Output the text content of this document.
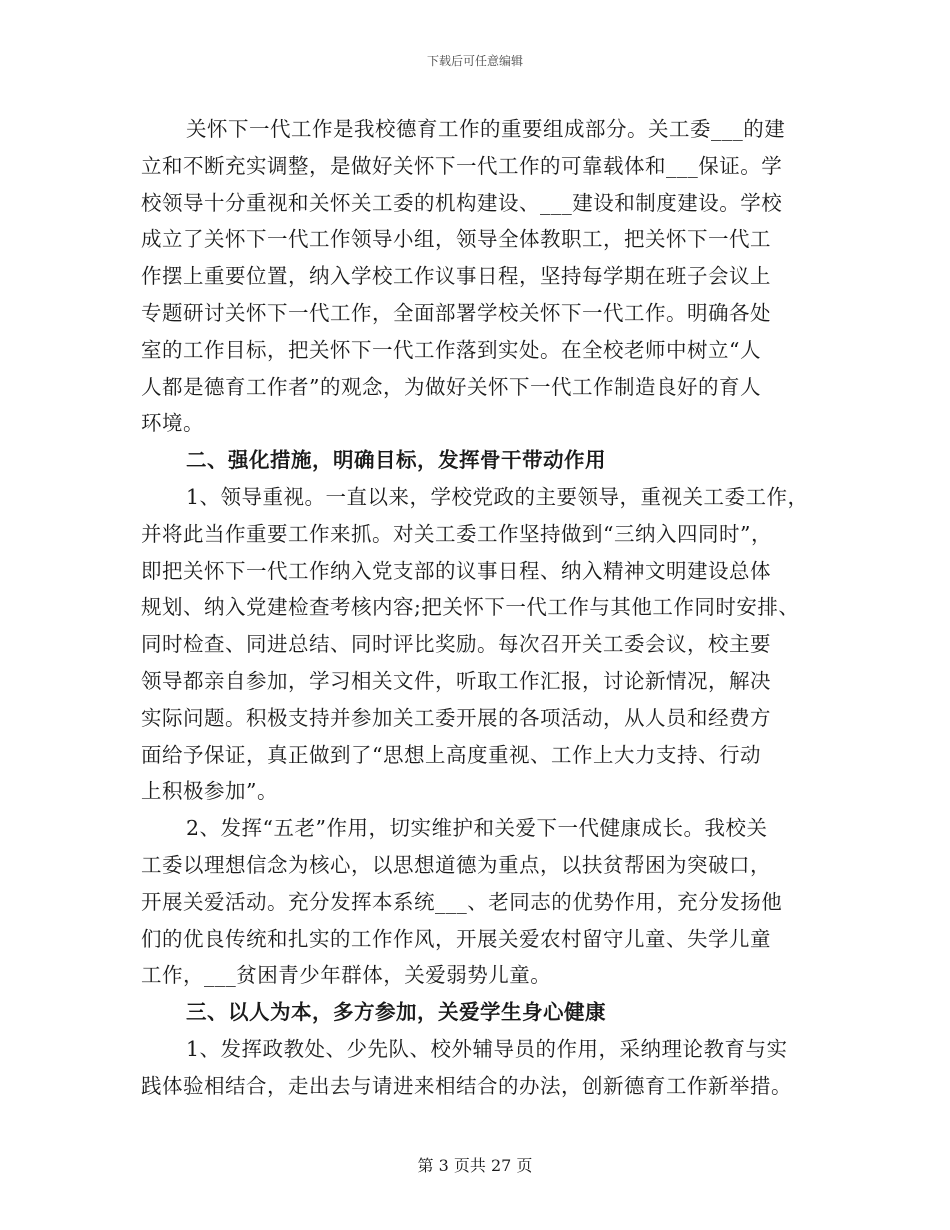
下载后可任意编辑
关怀下一代工作是我校德育工作的重要组成部分。关工委___的建
立和不断充实调整，是做好关怀下一代工作的可靠载体和___保证。学
校领导十分重视和关怀关工委的机构建设、___建设和制度建设。学校
成立了关怀下一代工作领导小组，领导全体教职工，把关怀下一代工
作摆上重要位置，纳入学校工作议事日程，坚持每学期在班子会议上
专题研讨关怀下一代工作，全面部署学校关怀下一代工作。明确各处
室的工作目标，把关怀下一代工作落到实处。在全校老师中树立“人
人都是德育工作者”的观念，为做好关怀下一代工作制造良好的育人
环境。
二、强化措施，明确目标，发挥骨干带动作用
1、领导重视。一直以来，学校党政的主要领导，重视关工委工作，
并将此当作重要工作来抓。对关工委工作坚持做到“三纳入四同时”，
即把关怀下一代工作纳入党支部的议事日程、纳入精神文明建设总体
规划、纳入党建检查考核内容;把关怀下一代工作与其他工作同时安排、
同时检查、同进总结、同时评比奖励。每次召开关工委会议，校主要
领导都亲自参加，学习相关文件，听取工作汇报，讨论新情况，解决
实际问题。积极支持并参加关工委开展的各项活动，从人员和经费方
面给予保证，真正做到了“思想上高度重视、工作上大力支持、行动
上积极参加”。
2、发挥“五老”作用，切实维护和关爱下一代健康成长。我校关
工委以理想信念为核心，以思想道德为重点，以扶贫帮困为突破口，
开展关爱活动。充分发挥本系统___、老同志的优势作用，充分发扬他
们的优良传统和扎实的工作作风，开展关爱农村留守儿童、失学儿童
工作，___贫困青少年群体，关爱弱势儿童。
三、以人为本，多方参加，关爱学生身心健康
1、发挥政教处、少先队、校外辅导员的作用，采纳理论教育与实
践体验相结合，走出去与请进来相结合的办法，创新德育工作新举措。
第 3 页共 27 页
